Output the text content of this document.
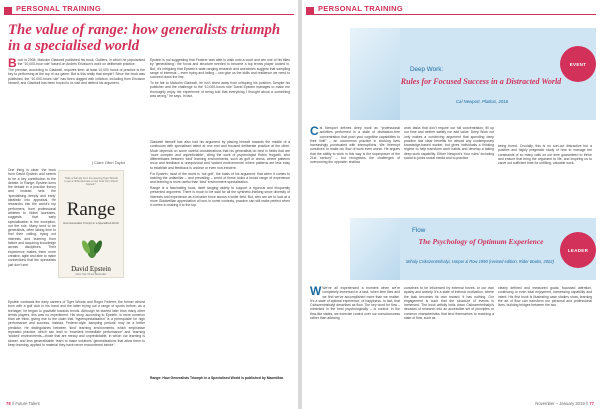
PERSONAL TRAINING
The value of range: how generalists triumph in a specialised world

Book in 2008, Malcolm Gladwell published his book, Outliers, in which he popularised the “10,000-hour rule” based on Anders Ericsson’s work on deliberate practice.

The premise, according to Gladwell, requires time; at least 10,000 hours of practice is the key to performing at the top of our game. But is this really that simple? Since the book was published, the “10,000-hours rule” has been dogged with criticism, including from Ericsson himself, and Gladwell has been forced to re-visit and defend his argument.

One thing is clear: the book from David Epstein and seems to be a key contribution to the debate. In Range, Epstein turns the debate in a practice theory and instead sets the ‘specialising deeply and early’ idealistic into appraisal. He researchs into the world’s top performers, from professional athletes to Nobel laureates, suggests that early specialisation is the exception, not the rule. Many tend to be generalists, often taking time to find their calling, trying out interests and learning from failure and acquiring knowledge across disciplines. Their experience makes them more creative, agile and able to make connections that the specialists just don’t see.

Epstein contrasts the early careers of Tiger Woods and Roger Federer, the former almost born with a golf club in his hand and the latter trying out a range of sports before, as a teenager, he began to gravitate towards tennis. Although he started later than many other tennis players, this was no impediment. His story, according to Epstein, is more common than we think, giving rise to the claim that “hyperspecialisation” is a prerequisite for high performance and success; instead, Federer-style ‘sampling periods’ may be a better predictor. He distinguishes between ‘kind’ learning environments, which emphasise repeated practice, which can lead to ‘excellent immediate performance’ and ‘learning ‘wicked’ environments—those that are messy and unpredictable, in which our learning is slower, and less generalisable ‘learn to make solutions’ generalisations that allow them to keep learning, applied to material they have never encountered before”.

| Clare Ofori Taylor
“Take a Sample from the opening Tiger Woods to get a Nobel laureate a new book from David Epstein”
Range
How Generalists Triumph in a Specialized World
David Epstein
New York Times Bestseller

Epstein is not suggesting that Federer was able to walk onto a court and win one of his titles by ‘generalising’; the focus and structure needed to become a top tennis player looked in. But, it’s intriguing that Epstein’s wide-ranging research and anecdotes suggest that sampling range of interests – even trying and failing – can give us the skills and resilience we need to succeed down the line.

To be fair to Malcolm Gladwell, he isn’t shied away from critiquing his position. Despite his publisher and the challenge to the ‘10,000-hours rule’ David Epstein manages to make me thoroughly enjoy the experience of being told that everything I thought about a something was wrong,” he says. In fact,

Gladwell himself has also had his argument by placing himself towards the middle of a continuum with specialised talent at one end and focused deliberate practice at the other. Much depends on some careful considerations that his generalists do best in fields that are ‘more complex and unpredictable’, citing the work of psychologist Robin Hogarth, who differentiates between ‘kind’ learning environments, such as golf or chess, where patterns recur and feedback is unequivocal and ‘wicked environments’ where patterns are less easy to establish and feedback is unclear or even non-existent.

For Epstein, most of the world is ‘not golf’, the basis of his argument: that when it comes to tackling the unfamiliar – and prevailing – world of these looks a broad range of experience and learning is more useful than ‘kind’ environment specialisation.

Range is a fascinating book, itself ranging widely to support a rigorous and eloquently presented argument. There is much to be said for all the synthetic-thinking since diversity of interests and experience as a broader force across a wider field. But, who are we to look at a more Gladwellian appreciation of how, in some contexts, practice can still make perfect when it comes to making it to the top.

Range: How Generalists Triumph in a Specialised World is published by Macmillan.

78 // Future Talent
PERSONAL TRAINING
EVENT
Deep Work:
Rules for Focused Success in a Distracted World
Cal Newport, Platkus, 2016

Cal Newport defines deep work as “professional activities performed in a state of distraction-free concentration that push your cognitive capabilities to their limit” – an uncommon practice in working lives increasingly punctuated with interruptions. We ‘interrupt ourselves’ to make our flow of work even worse. He argues that the ability to work in this way is the superpower of the 21st century” – but recognises the challenges of overcoming the opposite: shallow

work tasks that don’t require our full concentration, fill up our time and neither satisfy nor add value. Deep Work not only makes a convincing argument that spending deep practice has clear benefits for almost any contemporary knowledge-based worker, but gives individuals a thinking regime to help transform work habits and develop a taking deep-work capability. Either Newport’s ‘four rules’ including social to junks social media and to practice

being bored. Crucially, this is no sort-cut distractive but a positive and highly pragmatic study of how to manage the constraints of so many calls on our time guaranteed to thrive and ensure that bring the argument to life, and inspiring us to carve out sufficient time for unfilling, valuable work.

LEADER
Flow
The Psychology of Optimum Experience
Mihaly Csikszentmihalyi, Harper & Row 1990 (revised edition, Rider Books, 2002)

W We’ve all experienced a moment when we’re completely immersed in a task, when time flies and we find we’ve accomplished more than we realise. It’s a state of optimal experience, of happiness. In fact, that Csikszentmihalyi describes as flow. The key word for flow – mimicked in the best psychologically – is control: in the flow-like states, we exercise control over our consciousness rather than allowing

ourselves to be influenced by external forces, or our own apathy and anxiety. It’s a state of intrinsic motivation, where the task becomes its own reward. It has nothing. Our engagement is such that the structure of events is immersed. The book artfully boils down Csikszentmihalyi’s decades of research into an accessible set of principles or common characteristics that lend themselves to reaching a state of flow, such as

clearly defined and measured goals; focussed attention, continuing or even total enjoyment, harnessing capability and intent. His first book is illustrating case studies show, learning the art of flow can transform our personal and professional lives, building bridges between the two.

November – January 2019 // 77
